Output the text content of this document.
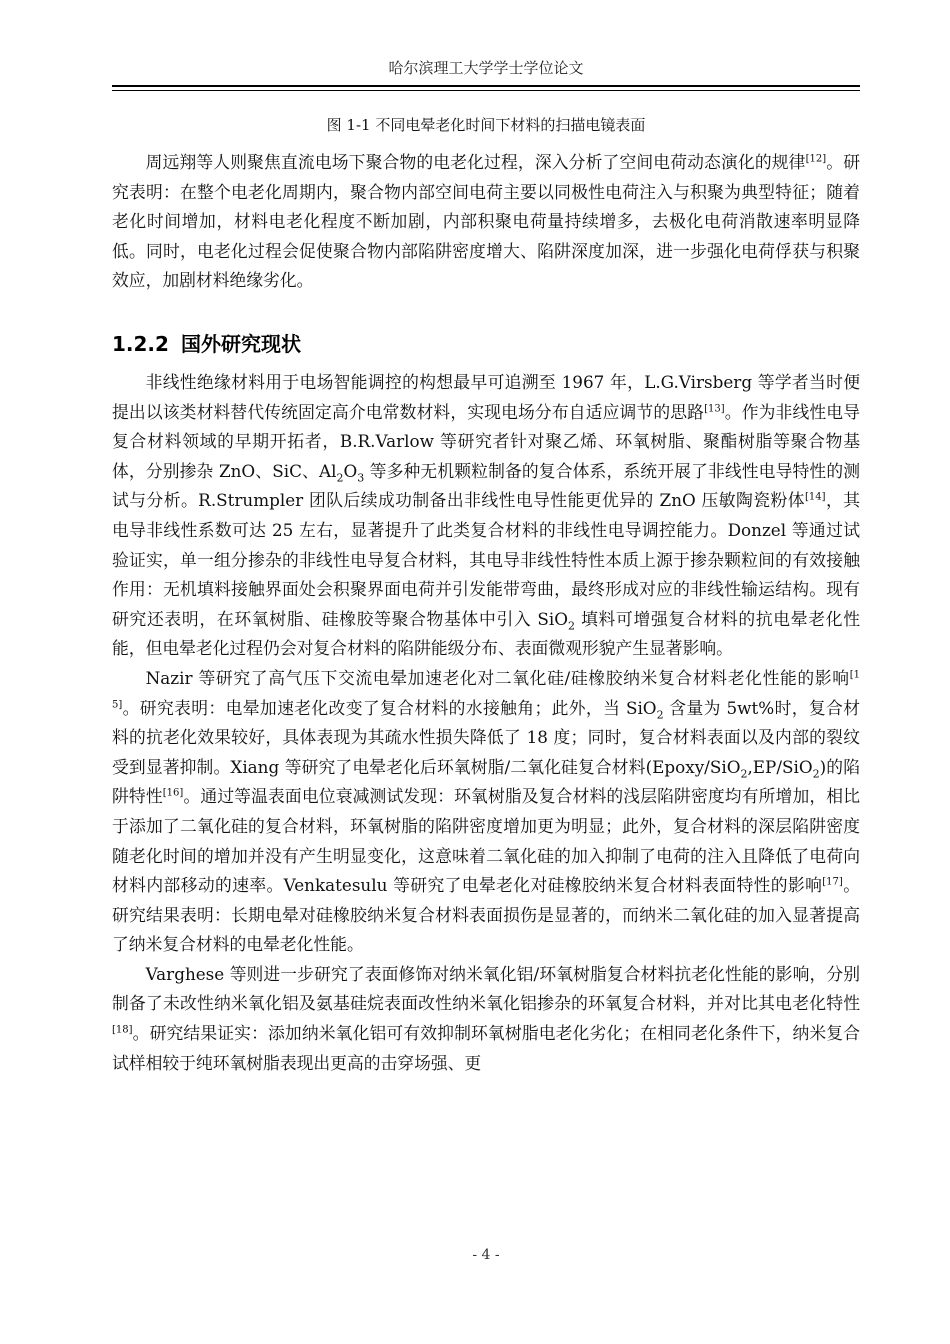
哈尔滨理工大学学士学位论文
图 1-1 不同电晕老化时间下材料的扫描电镜表面

周远翔等人则聚焦直流电场下聚合物的电老化过程，深入分析了空间电荷动态演化的规律[12]。研究表明：在整个电老化周期内，聚合物内部空间电荷主要以同极性电荷注入与积聚为典型特征；随着老化时间增加，材料电老化程度不断加剧，内部积聚电荷量持续增多，去极化电荷消散速率明显降低。同时，电老化过程会促使聚合物内部陷阱密度增大、陷阱深度加深，进一步强化电荷俘获与积聚效应，加剧材料绝缘劣化。

1.2.2 国外研究现状

非线性绝缘材料用于电场智能调控的构想最早可追溯至 1967 年，L.G.Virsberg 等学者当时便提出以该类材料替代传统固定高介电常数材料，实现电场分布自适应调节的思路[13]。作为非线性电导复合材料领域的早期开拓者，B.R.Varlow 等研究者针对聚乙烯、环氧树脂、聚酯树脂等聚合物基体，分别掺杂 ZnO、SiC、$Al_2O_3$ 等多种无机颗粒制备的复合体系，系统开展了非线性电导特性的测试与分析。R.Strumpler 团队后续成功制备出非线性电导性能更优异的 ZnO 压敏陶瓷粉体[14]，其电导非线性系数可达 25 左右，显著提升了此类复合材料的非线性电导调控能力。Donzel 等通过试验证实，单一组分掺杂的非线性电导复合材料，其电导非线性特性本质上源于掺杂颗粒间的有效接触作用：无机填料接触界面处会积聚界面电荷并引发能带弯曲，最终形成对应的非线性输运结构。现有研究还表明，在环氧树脂、硅橡胶等聚合物基体中引入 SiO$_2$ 填料可增强复合材料的抗电晕老化性能，但电晕老化过程仍会对复合材料的陷阱能级分布、表面微观形貌产生显著影响。

Nazir 等研究了高气压下交流电晕加速老化对二氧化硅/硅橡胶纳米复合材料老化性能的影响[15]。研究表明：电晕加速老化改变了复合材料的水接触角；此外，当 SiO$_2$ 含量为 5wt%时，复合材料的抗老化效果较好，具体表现为其疏水性损失降低了 18 度；同时，复合材料表面以及内部的裂纹受到显著抑制。Xiang 等研究了电晕老化后环氧树脂/二氧化硅复合材料(Epoxy/SiO$_2$,EP/SiO$_2$)的陷阱特性[16]。通过等温表面电位衰减测试发现：环氧树脂及复合材料的浅层陷阱密度均有所增加，相比于添加了二氧化硅的复合材料，环氧树脂的陷阱密度增加更为明显；此外，复合材料的深层陷阱密度随老化时间的增加并没有产生明显变化，这意味着二氧化硅的加入抑制了电荷的注入且降低了电荷向材料内部移动的速率。Venkatesulu 等研究了电晕老化对硅橡胶纳米复合材料表面特性的影响[17]。研究结果表明：长期电晕对硅橡胶纳米复合材料表面损伤是显著的，而纳米二氧化硅的加入显著提高了纳米复合材料的电晕老化性能。

Varghese 等则进一步研究了表面修饰对纳米氧化铝/环氧树脂复合材料抗老化性能的影响，分别制备了未改性纳米氧化铝及氨基硅烷表面改性纳米氧化铝掺杂的环氧复合材料，并对比其电老化特性[18]。研究结果证实：添加纳米氧化铝可有效抑制环氧树脂电老化劣化；在相同老化条件下，纳米复合试样相较于纯环氧树脂表现出更高的击穿场强、更

- 4 -
